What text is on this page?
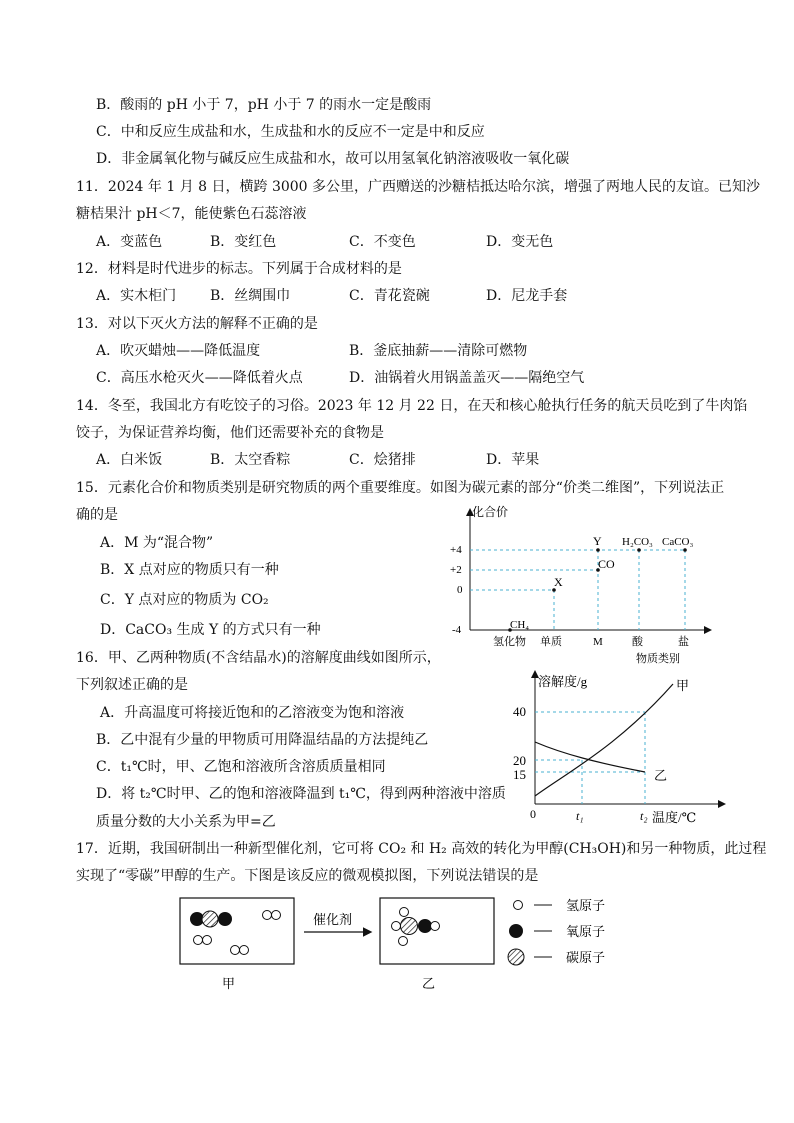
B．酸雨的 pH 小于 7，pH 小于 7 的雨水一定是酸雨
C．中和反应生成盐和水，生成盐和水的反应不一定是中和反应
D．非金属氧化物与碱反应生成盐和水，故可以用氢氧化钠溶液吸收一氧化碳
11．2024 年 1 月 8 日，横跨 3000 多公里，广西赠送的沙糖桔抵达哈尔滨，增强了两地人民的友谊。已知沙
糖桔果汁 pH＜7，能使紫色石蕊溶液
A．变蓝色	B．变红色	C．不变色	D．变无色
12．材料是时代进步的标志。下列属于合成材料的是
A．实木柜门 B．丝绸围巾	C．青花瓷碗	D．尼龙手套
13．对以下灭火方法的解释不正确的是
A．吹灭蜡烛——降低温度	B．釜底抽薪——清除可燃物
C．高压水枪灭火——降低着火点	D．油锅着火用锅盖盖灭——隔绝空气
14．冬至，我国北方有吃饺子的习俗。2023 年 12 月 22 日，在天和核心舱执行任务的航天员吃到了牛肉馅
饺子，为保证营养均衡，他们还需要补充的食物是
A．白米饭	B．太空香粽	C．烩猪排	D．苹果
15．元素化合价和物质类别是研究物质的两个重要维度。如图为碳元素的部分“价类二维图”，下列说法正
确的是
A．M 为“混合物”
B．X 点对应的物质只有一种
C．Y 点对应的物质为 CO₂
D．CaCO₃ 生成 Y 的方式只有一种
化合价
物质类别
+4
+2
0
-4	CH₄
X
CO
Y H₂CO₃ CaCO₃
氢化物 单质	M	酸	盐
16．甲、乙两种物质(不含结晶水)的溶解度曲线如图所示，
下列叙述正确的是
A．升高温度可将接近饱和的乙溶液变为饱和溶液
B．乙中混有少量的甲物质可用降温结晶的方法提纯乙
C．t₁℃时，甲、乙饱和溶液所含溶质质量相同
D．将 t₂℃时甲、乙的饱和溶液降温到 t₁℃，得到两种溶液中溶质
质量分数的大小关系为甲=乙
溶解度/g
温度/℃
40
20
15
0	t₁	t₂
甲
乙
17．近期，我国研制出一种新型催化剂，它可将 CO₂ 和 H₂ 高效的转化为甲醇(CH₃OH)和另一种物质，此过程
实现了“零碳”甲醇的生产。下图是该反应的微观模拟图，下列说法错误的是
甲
催化剂
乙
氢原子
氧原子
碳原子
